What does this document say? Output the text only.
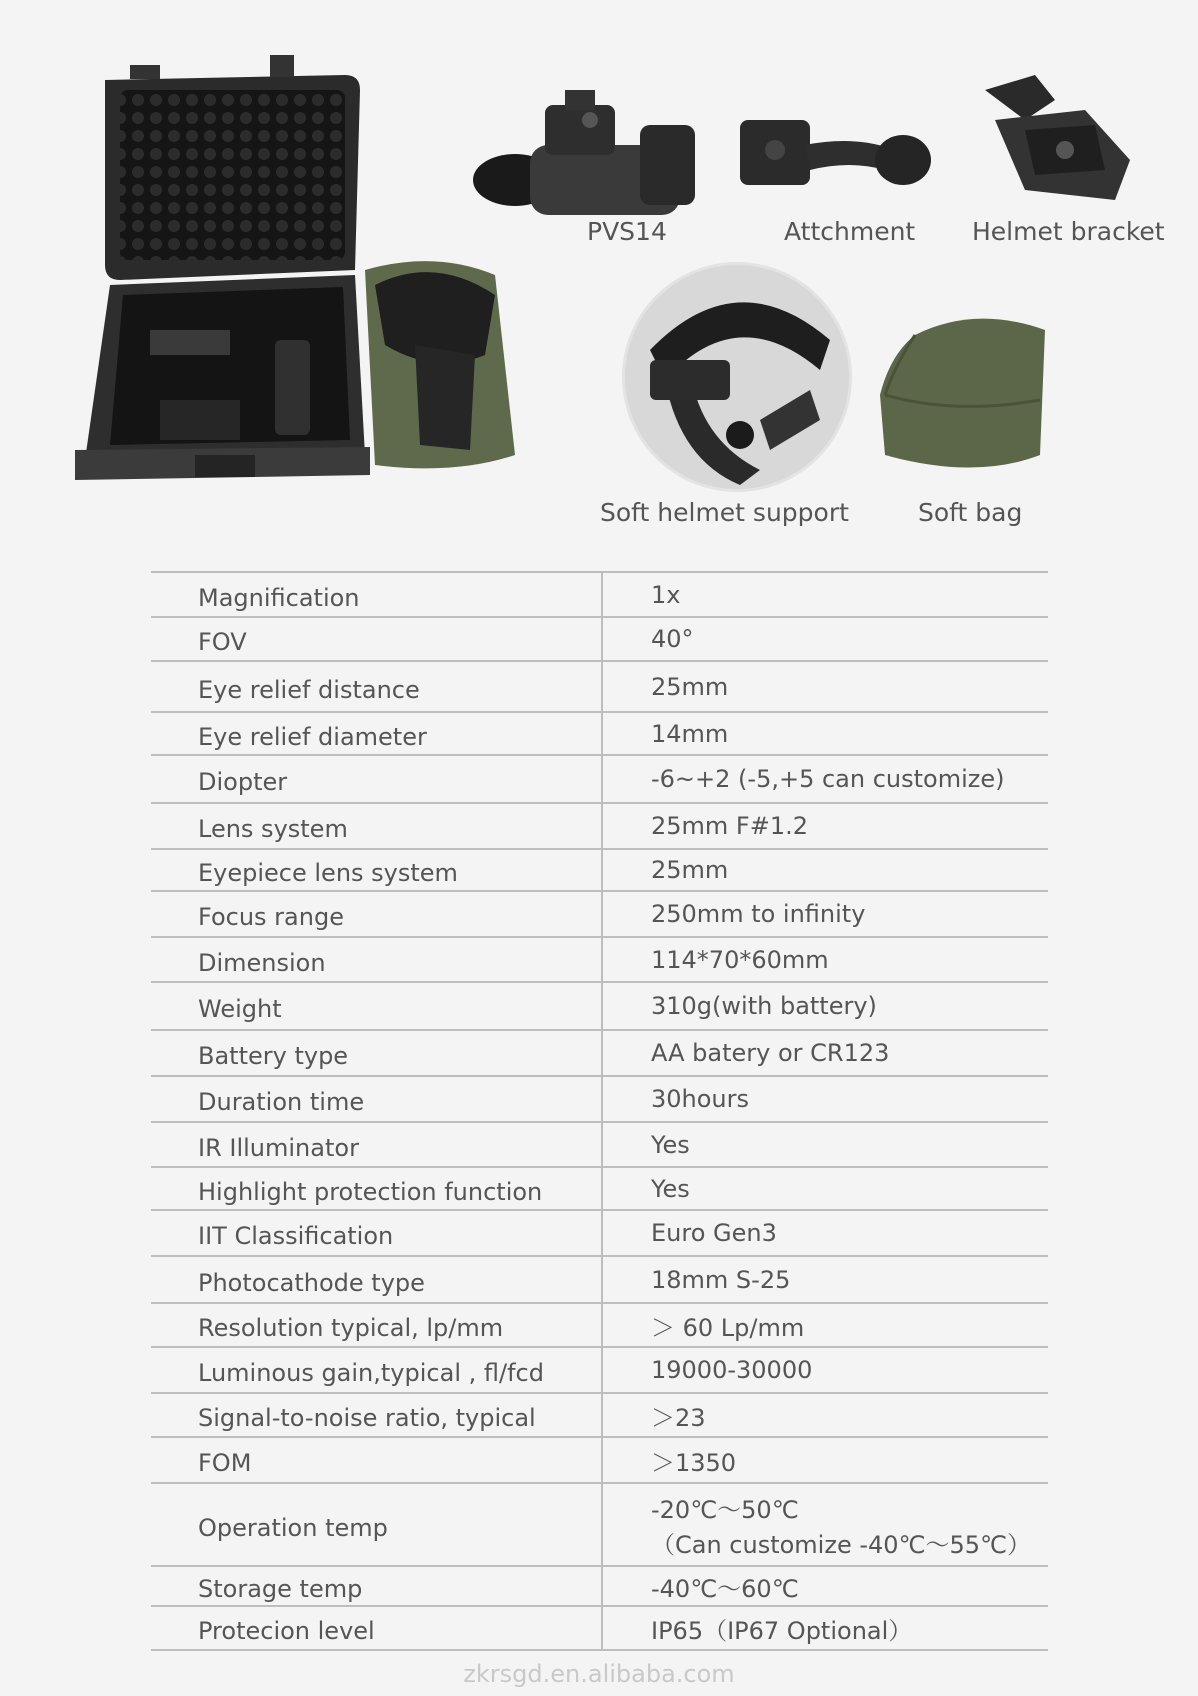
PVS14	Attchment Helmet bracket
Soft helmet support	Soft bag
Magnification	1x

FOV	40°

Eye relief distance	25mm

Eye relief diameter	14mm

Diopter	-6~+2 (-5,+5 can customize)

Lens system	25mm F#1.2

Eyepiece lens system	25mm

Focus range	250mm to infinity

Dimension	114*70*60mm

Weight	310g(with battery)

Battery type	AA batery or CR123

Duration time	30hours

IR Illuminator	Yes

Highlight protection function	Yes

IIT Classification	Euro Gen3

Photocathode type	18mm S-25

Resolution typical, lp/mm	＞ 60 Lp/mm

Luminous gain,typical , fl/fcd	19000-30000

Signal-to-noise ratio, typical	＞23

FOM	＞1350

Operation temp	-20℃～50℃
（Can customize -40℃～55℃）

Storage temp	-40℃～60℃

Protecion level	IP65（IP67 Optional）
zkrsgd.en.alibaba.com
